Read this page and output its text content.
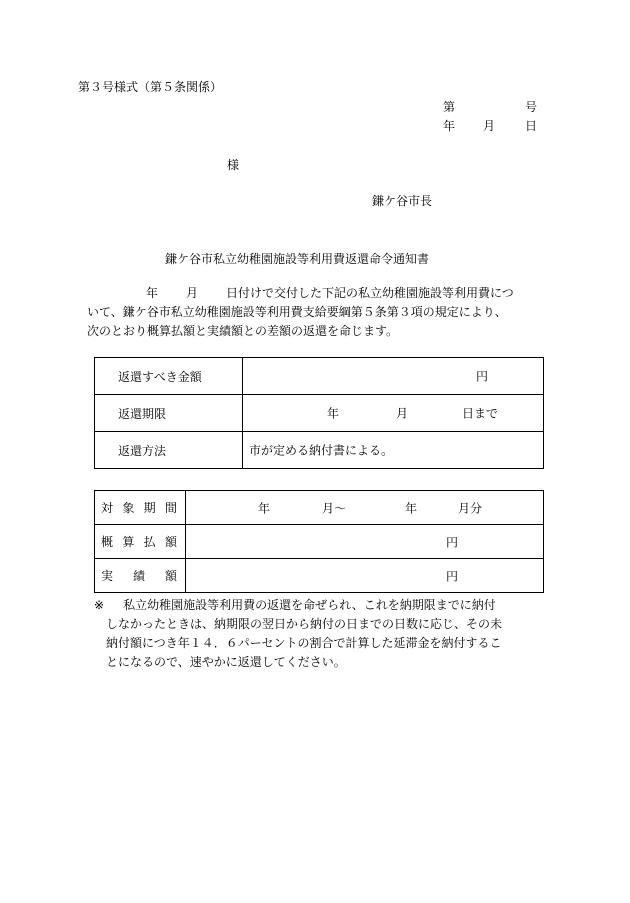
第３号様式（第５条関係）
第	号
年 月 日
様
鎌ケ谷市長
鎌ケ谷市私立幼稚園施設等利用費返還命令通知書
年 月 日付けで交付した下記の私立幼稚園施設等利用費につ
いて、鎌ケ谷市私立幼稚園施設等利用費支給要綱第５条第３項の規定により、
次のとおり概算払額と実績額との差額の返還を命じます。
返還すべき金額	円

返還期限	年 月 日まで

返還方法	市が定める納付書による。
対 象 期 間	年 月～ 年 月分

概 算 払 額	円

実 績 額	円
※ 私立幼稚園施設等利用費の返還を命ぜられ、これを納期限までに納付
しなかったときは、納期限の翌日から納付の日までの日数に応じ、その未
納付額につき年１４．６パーセントの割合で計算した延滞金を納付するこ
とになるので、速やかに返還してください。
